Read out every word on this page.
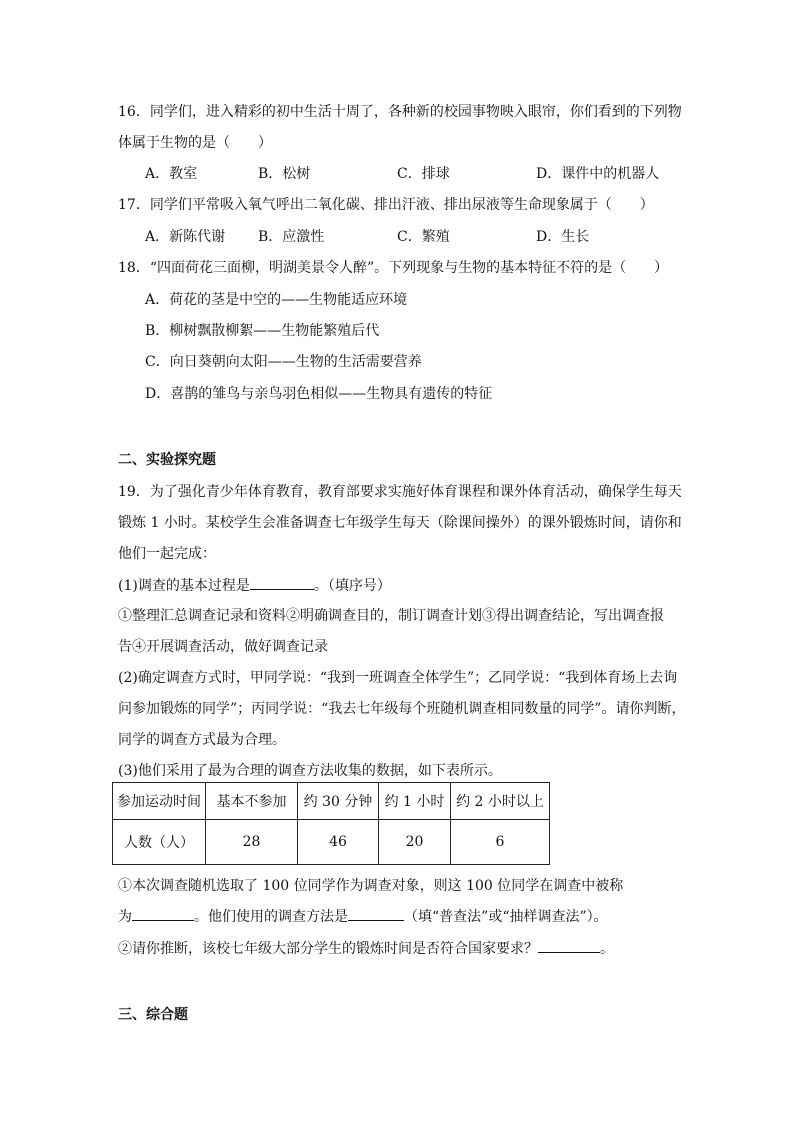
16．同学们，进入精彩的初中生活十周了，各种新的校园事物映入眼帘，你们看到的下列物
体属于生物的是（　　）
A．教室	B．松树	C．排球	D．课件中的机器人
17．同学们平常吸入氧气呼出二氧化碳、排出汗液、排出尿液等生命现象属于（　　）
A．新陈代谢 B．应激性	C．繁殖	D．生长
18．“四面荷花三面柳，明湖美景令人醉”。下列现象与生物的基本特征不符的是（　　）
A．荷花的茎是中空的——生物能适应环境
B．柳树飘散柳絮——生物能繁殖后代
C．向日葵朝向太阳——生物的生活需要营养
D．喜鹊的雏鸟与亲鸟羽色相似——生物具有遗传的特征
二、实验探究题
19．为了强化青少年体育教育，教育部要求实施好体育课程和课外体育活动，确保学生每天
锻炼 1 小时。某校学生会准备调查七年级学生每天（除课间操外）的课外锻炼时间，请你和
他们一起完成：
(1)调查的基本过程是	。（填序号）
①整理汇总调查记录和资料②明确调查目的，制订调查计划③得出调查结论，写出调查报
告④开展调查活动，做好调查记录
(2)确定调查方式时，甲同学说：“我到一班调查全体学生”；乙同学说：“我到体育场上去询
问参加锻炼的同学”；丙同学说：“我去七年级每个班随机调查相同数量的同学”。请你判断，
同学的调查方式最为合理。
(3)他们采用了最为合理的调查方法收集的数据，如下表所示。
参加运动时间	基本不参加	约 30 分钟	约 1 小时	约 2 小时以上
人数（人）	28	46	20	6
①本次调查随机选取了 100 位同学作为调查对象，则这 100 位同学在调查中被称
为	。他们使用的调查方法是	（填“普查法”或“抽样调查法”）。
②请你推断，该校七年级大部分学生的锻炼时间是否符合国家要求？	。
三、综合题
